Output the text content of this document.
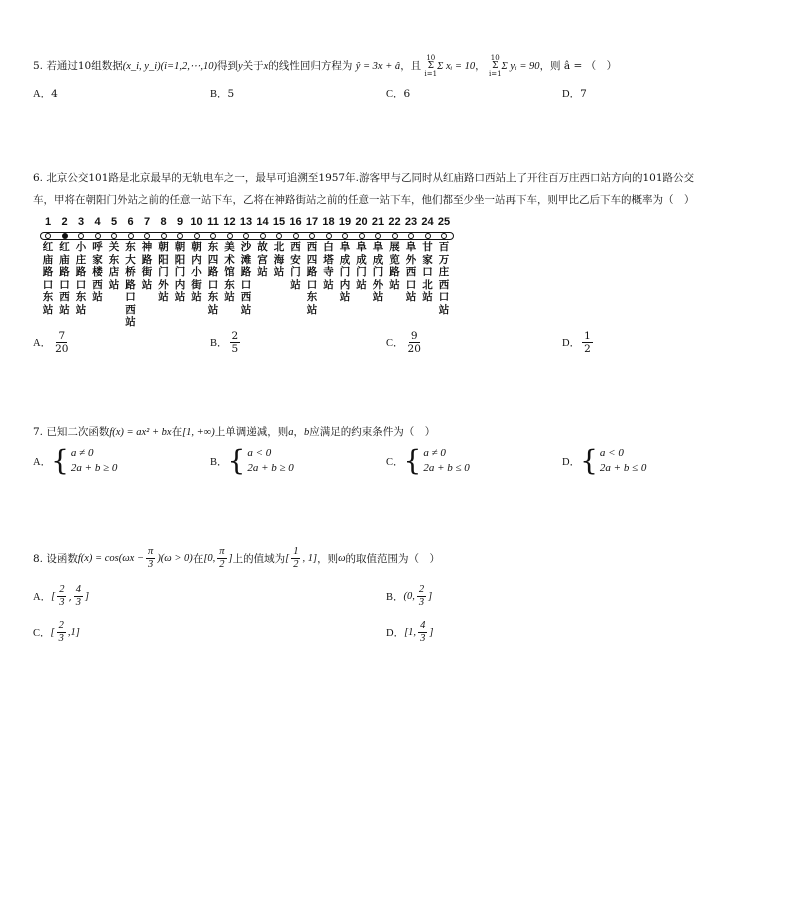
5. 若通过10组数据(x_i, y_i)(i=1,2,⋯,10)得到y关于x的线性回归方程为 ŷ = 3x + â，且
10
Σ
i=1
Σ xᵢ = 10，
10
Σ
i=1
Σ yᵢ = 90，则 â = （　）
A．4	B．5	C．6	D．7
6. 北京公交101路是北京最早的无轨电车之一，最早可追溯至1957年.游客甲与乙同时从红庙路口西站上了开往百万庄西口站方向的101路公交
车，甲将在朝阳门外站之前的任意一站下车，乙将在神路街站之前的任意一站下车，他们都至少坐一站再下车，则甲比乙后下车的概率为（　）
1
红庙路口东站
2
红庙路口西站
3
小庄路口东站
4
呼家楼西站
5
关东店站
6
东大桥路口西站
7
神路街站
8
朝阳门外站
9
朝阳门内站
10
朝内小街站
11
东四路口东站
12
美术馆东站
13
沙滩路口西站
14
故宫站
15
北海站
16
西安门站
17
西四路口东站
18
白塔寺站
19
阜成门内站
20
阜成门站
21
阜成门外站
22
展览路站
23
阜外西口站
24
甘家口北站
25
百万庄西口站
A． $\frac{7}{20}$	B． $\frac{2}{5}$	C． $\frac{9}{20}$	D． $\frac{1}{2}$
7. 已知二次函数f(x) = ax² + bx在[1, +∞)上单调递减，则a，b应满足的约束条件为（　）
A． { a ≠ 0
2a + b ≥ 0	B． { a < 0
2a + b ≥ 0	C． { a ≠ 0
2a + b ≤ 0	D． { a < 0
2a + b ≤ 0
8. 设函数 $f(x) = \cos(\omega x - \frac{\pi}{3} )(\omega > 0)$ 在 [0, $\frac{\pi}{2}$ ] 上的值域为 [ $\frac{1}{2}$ , 1] ，则 ω 的取值范围为（　）
A． [ $\frac{2}{3}$ , $\frac{4}{3}$ ]	B． (0, $\frac{2}{3}$ ]
C． [ $\frac{2}{3} ,1$]	D． [1, $\frac{4}{3}$ ]
